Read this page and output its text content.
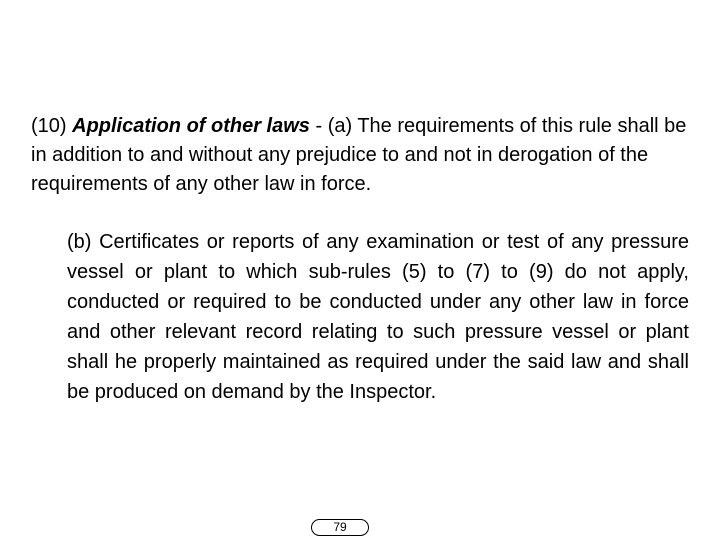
(10) Application of other laws - (a) The requirements of this rule shall be in addition to and without any prejudice to and not in derogation of the requirements of any other law in force.

(b) Certificates or reports of any examination or test of any pressure vessel or plant to which sub-rules (5) to (7) to (9) do not apply, conducted or required to be conducted under any other law in force and other relevant record relating to such pressure vessel or plant shall he properly maintained as required under the said law and shall be produced on demand by the Inspector.

79
